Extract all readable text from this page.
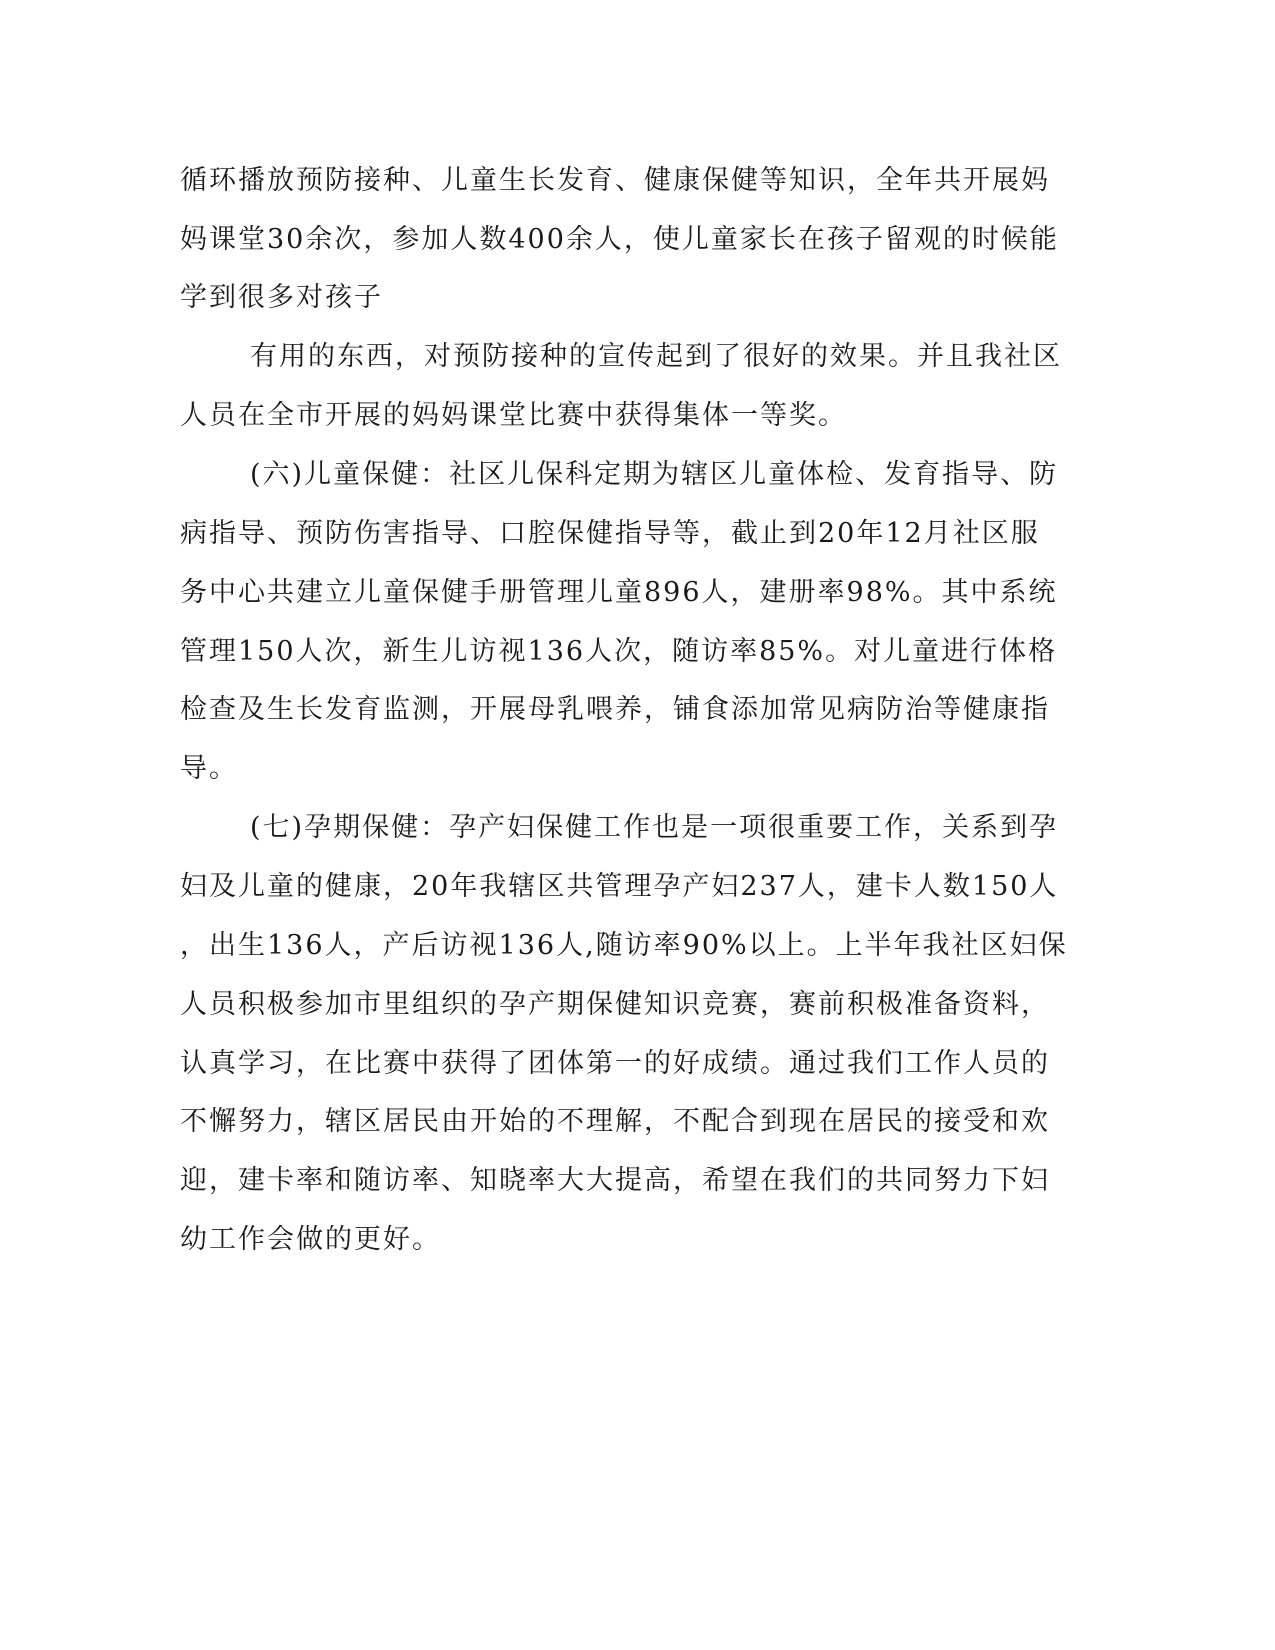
循环播放预防接种、儿童生长发育、健康保健等知识，全年共开展妈
妈课堂30余次，参加人数400余人，使儿童家长在孩子留观的时候能
学到很多对孩子
有用的东西，对预防接种的宣传起到了很好的效果。并且我社区
人员在全市开展的妈妈课堂比赛中获得集体一等奖。
(六)儿童保健：社区儿保科定期为辖区儿童体检、发育指导、防
病指导、预防伤害指导、口腔保健指导等，截止到20年12月社区服
务中心共建立儿童保健手册管理儿童896人，建册率98%。其中系统
管理150人次，新生儿访视136人次，随访率85%。对儿童进行体格
检查及生长发育监测，开展母乳喂养，铺食添加常见病防治等健康指
导。
(七)孕期保健：孕产妇保健工作也是一项很重要工作，关系到孕
妇及儿童的健康，20年我辖区共管理孕产妇237人，建卡人数150人
，出生136人，产后访视136人,随访率90%以上。上半年我社区妇保
人员积极参加市里组织的孕产期保健知识竞赛，赛前积极准备资料，
认真学习，在比赛中获得了团体第一的好成绩。通过我们工作人员的
不懈努力，辖区居民由开始的不理解，不配合到现在居民的接受和欢
迎，建卡率和随访率、知晓率大大提高，希望在我们的共同努力下妇
幼工作会做的更好。
